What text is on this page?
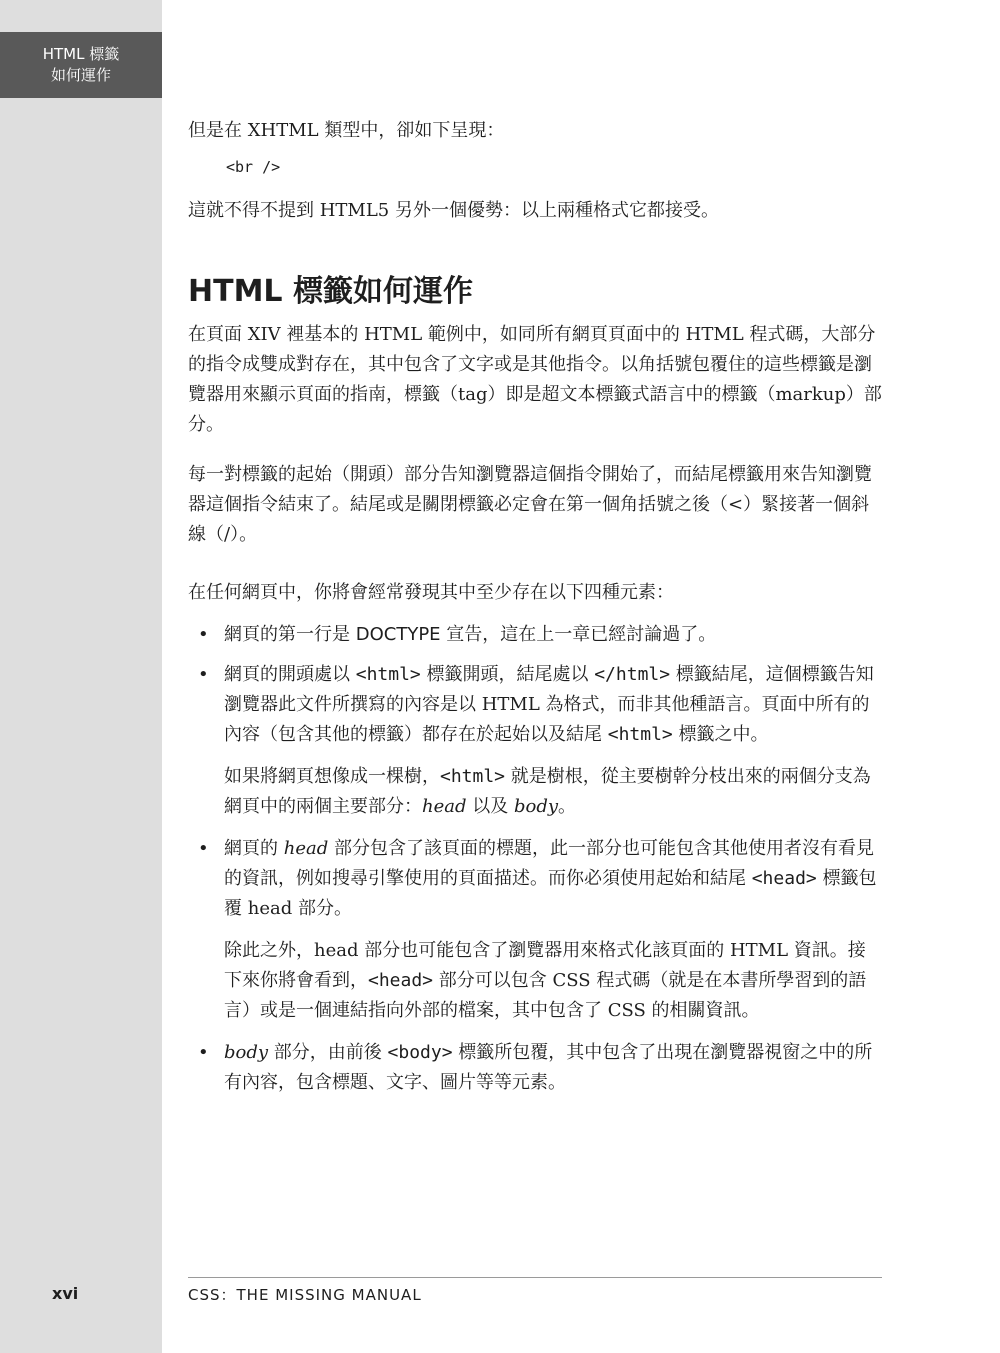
HTML 標籤
如何運作
xvi

但是在 XHTML 類型中，卻如下呈現：

<br />

這就不得不提到 HTML5 另外一個優勢：以上兩種格式它都接受。

HTML 標籤如何運作

在頁面 XIV 裡基本的 HTML 範例中，如同所有網頁頁面中的 HTML 程式碼，大部分的指令成雙成對存在，其中包含了文字或是其他指令。以角括號包覆住的這些標籤是瀏覽器用來顯示頁面的指南，標籤（tag）即是超文本標籤式語言中的標籤（markup）部分。

每一對標籤的起始（開頭）部分告知瀏覽器這個指令開始了，而結尾標籤用來告知瀏覽器這個指令結束了。結尾或是關閉標籤必定會在第一個角括號之後（<）緊接著一個斜線（/）。

在任何網頁中，你將會經常發現其中至少存在以下四種元素：

• 網頁的第一行是 DOCTYPE 宣告，這在上一章已經討論過了。

• 網頁的開頭處以 <html> 標籤開頭，結尾處以 </html> 標籤結尾，這個標籤告知瀏覽器此文件所撰寫的內容是以 HTML 為格式，而非其他種語言。頁面中所有的內容（包含其他的標籤）都存在於起始以及結尾 <html> 標籤之中。

如果將網頁想像成一棵樹，<html> 就是樹根，從主要樹幹分枝出來的兩個分支為網頁中的兩個主要部分：head 以及 body。

• 網頁的 head 部分包含了該頁面的標題，此一部分也可能包含其他使用者沒有看見的資訊，例如搜尋引擎使用的頁面描述。而你必須使用起始和結尾 <head> 標籤包覆 head 部分。

除此之外，head 部分也可能包含了瀏覽器用來格式化該頁面的 HTML 資訊。接下來你將會看到，<head> 部分可以包含 CSS 程式碼（就是在本書所學習到的語言）或是一個連結指向外部的檔案，其中包含了 CSS 的相關資訊。

• body 部分，由前後 <body> 標籤所包覆，其中包含了出現在瀏覽器視窗之中的所有內容，包含標題、文字、圖片等等元素。

CSS：THE MISSING MANUAL
